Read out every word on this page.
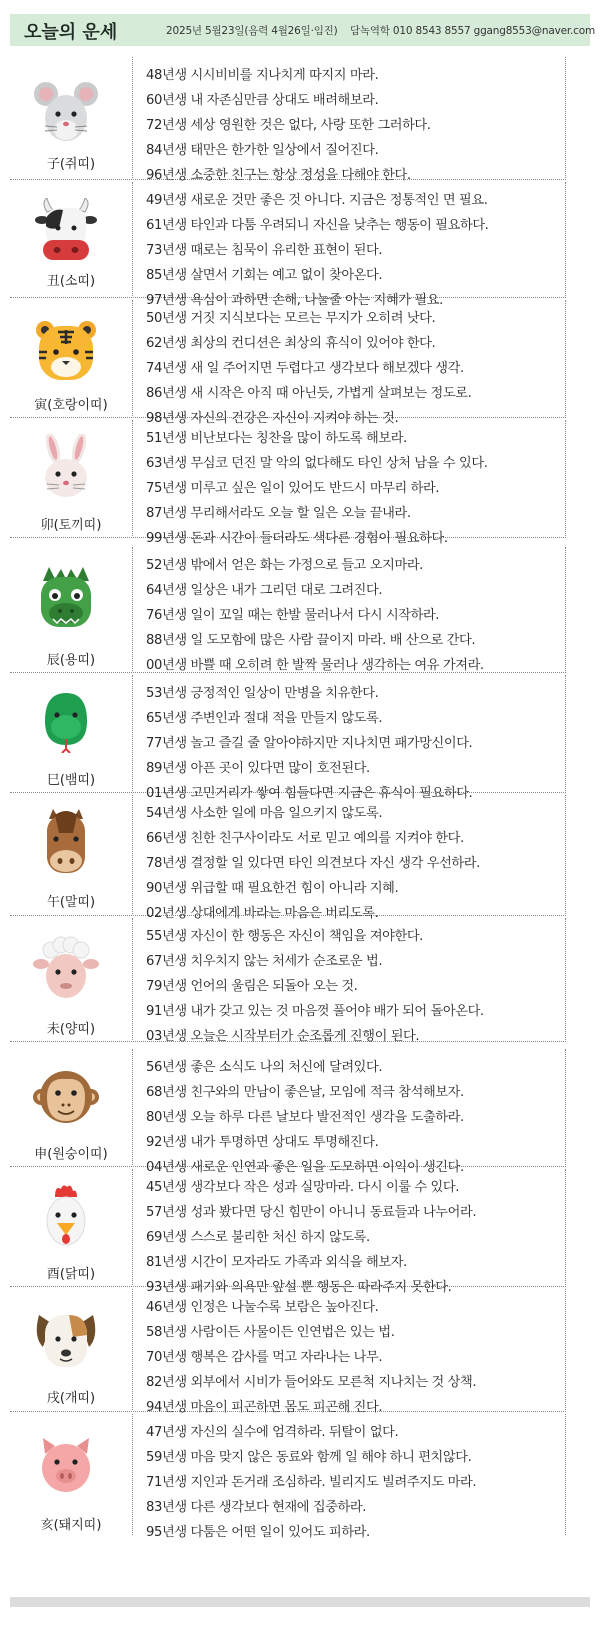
오늘의 운세	2025년 5월23일(음력 4월26일·임진) 담녹역학 010 8543 8557 ggang8553@naver.com
子(쥐띠)
48년생 시시비비를 지나치게 따지지 마라.
60년생 내 자존심만큼 상대도 배려해보라.
72년생 세상 영원한 것은 없다, 사랑 또한 그러하다.
84년생 태만은 한가한 일상에서 질어진다.
96년생 소중한 친구는 항상 정성을 다해야 한다.
丑(소띠)
49년생 새로운 것만 좋은 것 아니다. 지금은 정통적인 면 필요.
61년생 타인과 다툼 우려되니 자신을 낮추는 행동이 필요하다.
73년생 때로는 침묵이 유리한 표현이 된다.
85년생 살면서 기회는 예고 없이 찾아온다.
97년생 욕심이 과하면 손해, 나눌줄 아는 지혜가 필요.
寅(호랑이띠)
50년생 거짓 지식보다는 모르는 무지가 오히려 낫다.
62년생 최상의 컨디션은 최상의 휴식이 있어야 한다.
74년생 새 일 주어지면 두렵다고 생각보다 해보겠다 생각.
86년생 새 시작은 아직 때 아닌듯, 가볍게 살펴보는 정도로.
98년생 자신의 건강은 자신이 지켜야 하는 것.
卯(토끼띠)
51년생 비난보다는 칭찬을 많이 하도록 해보라.
63년생 무심코 던진 말 악의 없다해도 타인 상처 남을 수 있다.
75년생 미루고 싶은 일이 있어도 반드시 마무리 하라.
87년생 무리해서라도 오늘 할 일은 오늘 끝내라.
99년생 돈과 시간이 들더라도 색다른 경험이 필요하다.
辰(용띠)
52년생 밖에서 얻은 화는 가정으로 들고 오지마라.
64년생 일상은 내가 그리던 대로 그려진다.
76년생 일이 꼬일 때는 한발 물러나서 다시 시작하라.
88년생 일 도모함에 많은 사람 끌이지 마라. 배 산으로 간다.
00년생 바쁠 때 오히려 한 발짝 물러나 생각하는 여유 가져라.
巳(뱀띠)
53년생 긍정적인 일상이 만병을 치유한다.
65년생 주변인과 절대 적을 만들지 않도록.
77년생 놀고 즐길 줄 알아야하지만 지나치면 패가망신이다.
89년생 아픈 곳이 있다면 많이 호전된다.
01년생 고민거리가 쌓여 힘들다면 지금은 휴식이 필요하다.
午(말띠)
54년생 사소한 일에 마음 일으키지 않도록.
66년생 친한 친구사이라도 서로 믿고 예의를 지켜야 한다.
78년생 결정할 일 있다면 타인 의견보다 자신 생각 우선하라.
90년생 위급할 때 필요한건 힘이 아니라 지혜.
02년생 상대에게 바라는 마음은 버리도록.
未(양띠)
55년생 자신이 한 행동은 자신이 책임을 져야한다.
67년생 치우치지 않는 처세가 순조로운 법.
79년생 언어의 울림은 되돌아 오는 것.
91년생 내가 갖고 있는 것 마음껏 풀어야 배가 되어 돌아온다.
03년생 오늘은 시작부터가 순조롭게 진행이 된다.
申(원숭이띠)
56년생 좋은 소식도 나의 처신에 달려있다.
68년생 친구와의 만남이 좋은날, 모임에 적극 참석해보자.
80년생 오늘 하루 다른 날보다 발전적인 생각을 도출하라.
92년생 내가 투명하면 상대도 투명해진다.
04년생 새로운 인연과 좋은 일을 도모하면 이익이 생긴다.
酉(닭띠)
45년생 생각보다 작은 성과 실망마라. 다시 이룰 수 있다.
57년생 성과 봤다면 당신 힘만이 아니니 동료들과 나누어라.
69년생 스스로 불리한 처신 하지 않도록.
81년생 시간이 모자라도 가족과 외식을 해보자.
93년생 패기와 의욕만 앞설 뿐 행동은 따라주지 못한다.
戌(개띠)
46년생 인정은 나눌수록 보람은 높아진다.
58년생 사람이든 사물이든 인연법은 있는 법.
70년생 행복은 감사를 먹고 자라나는 나무.
82년생 외부에서 시비가 들어와도 모른척 지나치는 것 상책.
94년생 마음이 피곤하면 몸도 피곤해 진다.
亥(돼지띠)
47년생 자신의 실수에 엄격하라. 뒤탈이 없다.
59년생 마음 맞지 않은 동료와 함께 일 해야 하니 편치않다.
71년생 지인과 돈거래 조심하라. 빌리지도 빌려주지도 마라.
83년생 다른 생각보다 현재에 집중하라.
95년생 다툼은 어떤 일이 있어도 피하라.
